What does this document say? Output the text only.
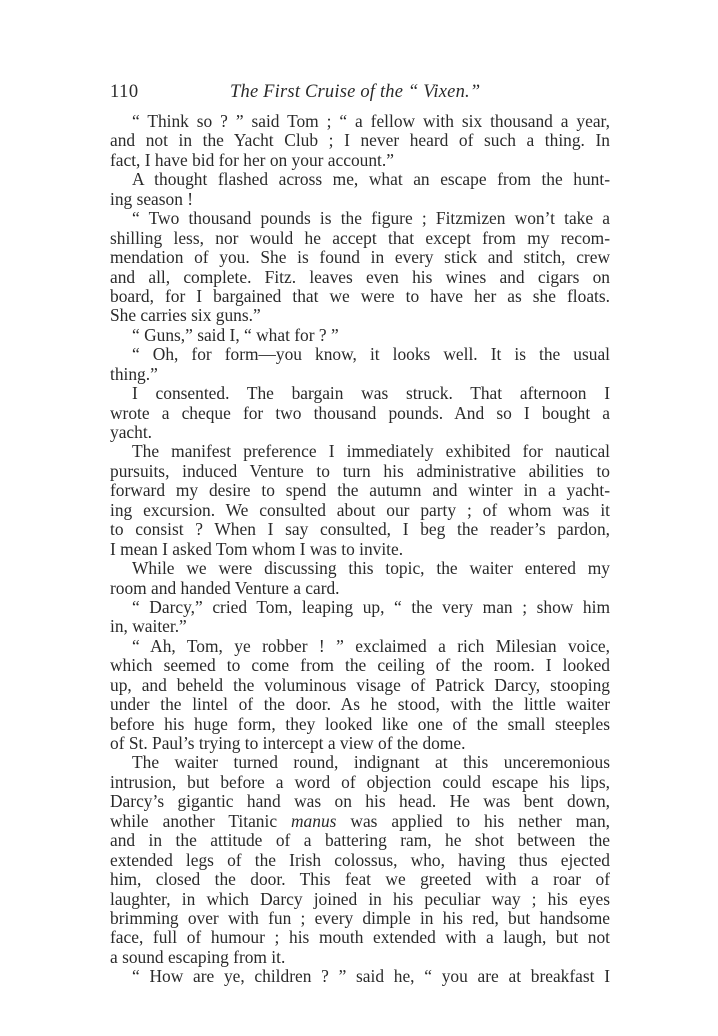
110	The First Cruise of the “ Vixen.”
“ Think so ? ” said Tom ; “ a fellow with six thousand a year,
and not in the Yacht Club ; I never heard of such a thing. In
fact, I have bid for her on your account.”
A thought flashed across me, what an escape from the hunt-
ing season !
“ Two thousand pounds is the figure ; Fitzmizen won’t take a
shilling less, nor would he accept that except from my recom-
mendation of you. She is found in every stick and stitch, crew
and all, complete. Fitz. leaves even his wines and cigars on
board, for I bargained that we were to have her as she floats.
She carries six guns.”
“ Guns,” said I, “ what for ? ”
“ Oh, for form—you know, it looks well. It is the usual
thing.”
I consented. The bargain was struck. That afternoon I
wrote a cheque for two thousand pounds. And so I bought a
yacht.
The manifest preference I immediately exhibited for nautical
pursuits, induced Venture to turn his administrative abilities to
forward my desire to spend the autumn and winter in a yacht-
ing excursion. We consulted about our party ; of whom was it
to consist ? When I say consulted, I beg the reader’s pardon,
I mean I asked Tom whom I was to invite.
While we were discussing this topic, the waiter entered my
room and handed Venture a card.
“ Darcy,” cried Tom, leaping up, “ the very man ; show him
in, waiter.”
“ Ah, Tom, ye robber ! ” exclaimed a rich Milesian voice,
which seemed to come from the ceiling of the room. I looked
up, and beheld the voluminous visage of Patrick Darcy, stooping
under the lintel of the door. As he stood, with the little waiter
before his huge form, they looked like one of the small steeples
of St. Paul’s trying to intercept a view of the dome.
The waiter turned round, indignant at this unceremonious
intrusion, but before a word of objection could escape his lips,
Darcy’s gigantic hand was on his head. He was bent down,
while another Titanic manus was applied to his nether man,
and in the attitude of a battering ram, he shot between the
extended legs of the Irish colossus, who, having thus ejected
him, closed the door. This feat we greeted with a roar of
laughter, in which Darcy joined in his peculiar way ; his eyes
brimming over with fun ; every dimple in his red, but handsome
face, full of humour ; his mouth extended with a laugh, but not
a sound escaping from it.
“ How are ye, children ? ” said he, “ you are at breakfast I
